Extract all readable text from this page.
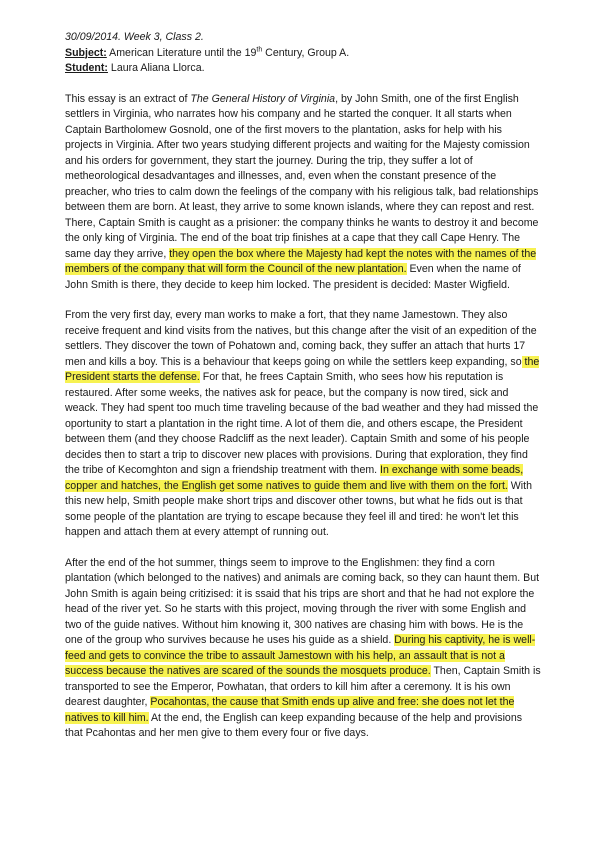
30/09/2014. Week 3, Class 2.

Subject: American Literature until the 19th Century, Group A.

Student: Laura Aliana Llorca.

This essay is an extract of The General History of Virginia, by John Smith, one of the first English settlers in Virginia, who narrates how his company and he started the conquer. It all starts when Captain Bartholomew Gosnold, one of the first movers to the plantation, asks for help with his projects in Virginia. After two years studying different projects and waiting for the Majesty comission and his orders for government, they start the journey. During the trip, they suffer a lot of metheorological desadvantages and illnesses, and, even when the constant presence of the preacher, who tries to calm down the feelings of the company with his religious talk, bad relationships between them are born. At least, they arrive to some known islands, where they can repost and rest. There, Captain Smith is caught as a prisioner: the company thinks he wants to destroy it and become the only king of Virginia. The end of the boat trip finishes at a cape that they call Cape Henry. The same day they arrive, they open the box where the Majesty had kept the notes with the names of the members of the company that will form the Council of the new plantation. Even when the name of John Smith is there, they decide to keep him locked. The president is decided: Master Wigfield.

From the very first day, every man works to make a fort, that they name Jamestown. They also receive frequent and kind visits from the natives, but this change after the visit of an expedition of the settlers. They discover the town of Pohatown and, coming back, they suffer an attach that hurts 17 men and kills a boy. This is a behaviour that keeps going on while the settlers keep expanding, so the President starts the defense. For that, he frees Captain Smith, who sees how his reputation is restaured. After some weeks, the natives ask for peace, but the company is now tired, sick and weack. They had spent too much time traveling because of the bad weather and they had missed the oportunity to start a plantation in the right time. A lot of them die, and others escape, the President between them (and they choose Radcliff as the next leader). Captain Smith and some of his people decides then to start a trip to discover new places with provisions. During that exploration, they find the tribe of Kecomghton and sign a friendship treatment with them. In exchange with some beads, copper and hatches, the English get some natives to guide them and live with them on the fort. With this new help, Smith people make short trips and discover other towns, but what he fids out is that some people of the plantation are trying to escape because they feel ill and tired: he won't let this happen and attach them at every attempt of running out.

After the end of the hot summer, things seem to improve to the Englishmen: they find a corn plantation (which belonged to the natives) and animals are coming back, so they can haunt them. But John Smith is again being critizised: it is ssaid that his trips are short and that he had not explore the head of the river yet. So he starts with this project, moving through the river with some English and two of the guide natives. Without him knowing it, 300 natives are chasing him with bows. He is the one of the group who survives because he uses his guide as a shield. During his captivity, he is well-feed and gets to convince the tribe to assault Jamestown with his help, an assault that is not a success because the natives are scared of the sounds the mosquets produce. Then, Captain Smith is transported to see the Emperor, Powhatan, that orders to kill him after a ceremony. It is his own dearest daughter, Pocahontas, the cause that Smith ends up alive and free: she does not let the natives to kill him. At the end, the English can keep expanding because of the help and provisions that Pcahontas and her men give to them every four or five days.
